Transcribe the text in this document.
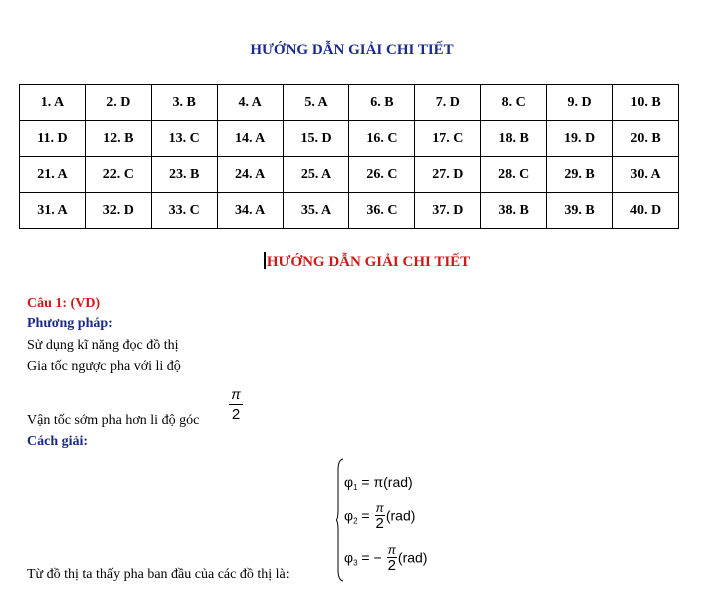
HƯỚNG DẪN GIẢI CHI TIẾT
1. A	2. D	3. B	4. A	5. A	6. B	7. D	8. C	9. D	10. B
11. D	12. B	13. C	14. A	15. D	16. C	17. C	18. B	19. D	20. B
21. A	22. C	23. B	24. A	25. A	26. C	27. D	28. C	29. B	30. A
31. A	32. D	33. C	34. A	35. A	36. C	37. D	38. B	39. B	40. D
HƯỚNG DẪN GIẢI CHI TIẾT
Câu 1: (VD)
Phương pháp:
Sử dụng kĩ năng đọc đồ thị
Gia tốc ngược pha với li độ
Vận tốc sớm pha hơn li độ góc
π
2
Cách giải:
Từ đồ thị ta thấy pha ban đầu của các đồ thị là:
$\varphi_1 = \pi(rad)$
$\varphi_2 = \frac{\pi}{2} (rad)$
$\varphi_3$ = − $\frac{\pi}{2} (rad)$
